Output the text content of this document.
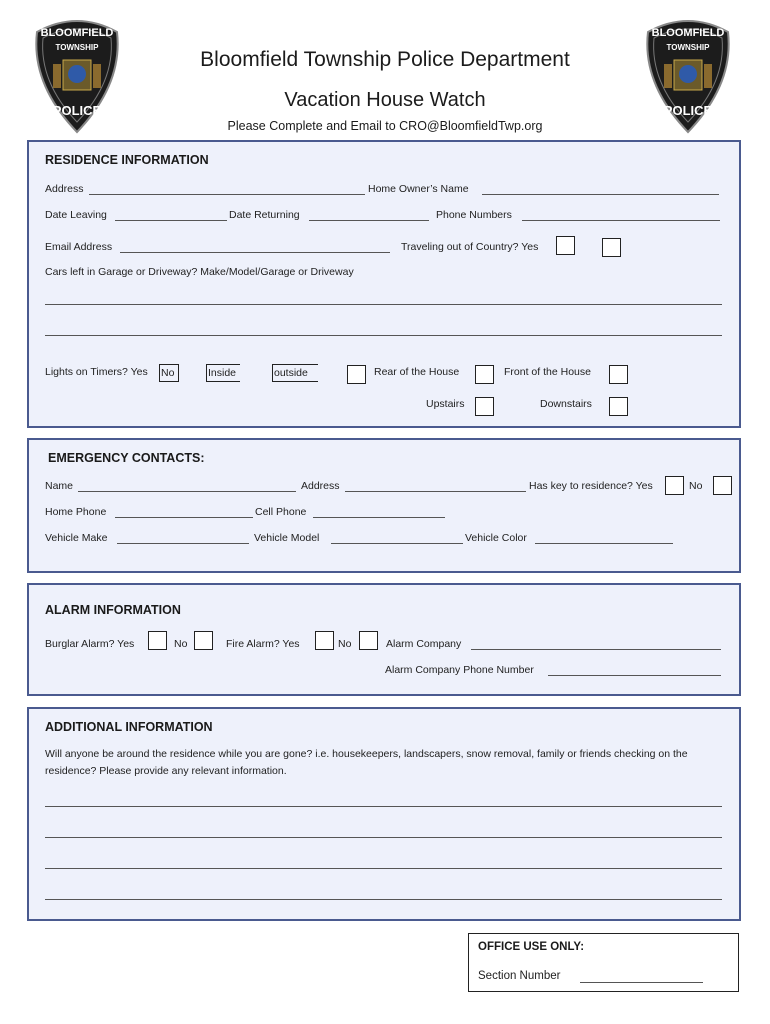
BLOOMFIELD
TOWNSHIP
POLICE
BLOOMFIELD
TOWNSHIP
POLICE
Bloomfield Township Police Department
Vacation House Watch
Please Complete and Email to CRO@BloomfieldTwp.org
RESIDENCE INFORMATION
Address	Home Owner’s Name
Date Leaving	Date Returning	Phone Numbers
Email Address	Traveling out of Country? Yes
Cars left in Garage or Driveway? Make/Model/Garage or Driveway
Lights on Timers? Yes No	Inside	outside	Rear of the House	Front of the House
Upstairs	Downstairs
EMERGENCY CONTACTS:
Name	Address	Has key to residence? Yes	No
Home Phone	Cell Phone
Vehicle Make	Vehicle Model	Vehicle Color
ALARM INFORMATION
Burglar Alarm? Yes	No	Fire Alarm? Yes	No	Alarm Company
Alarm Company Phone Number
ADDITIONAL INFORMATION
Will anyone be around the residence while you are gone? i.e. housekeepers, landscapers, snow removal, family or friends checking on the residence? Please provide any relevant information.
OFFICE USE ONLY:
Section Number
